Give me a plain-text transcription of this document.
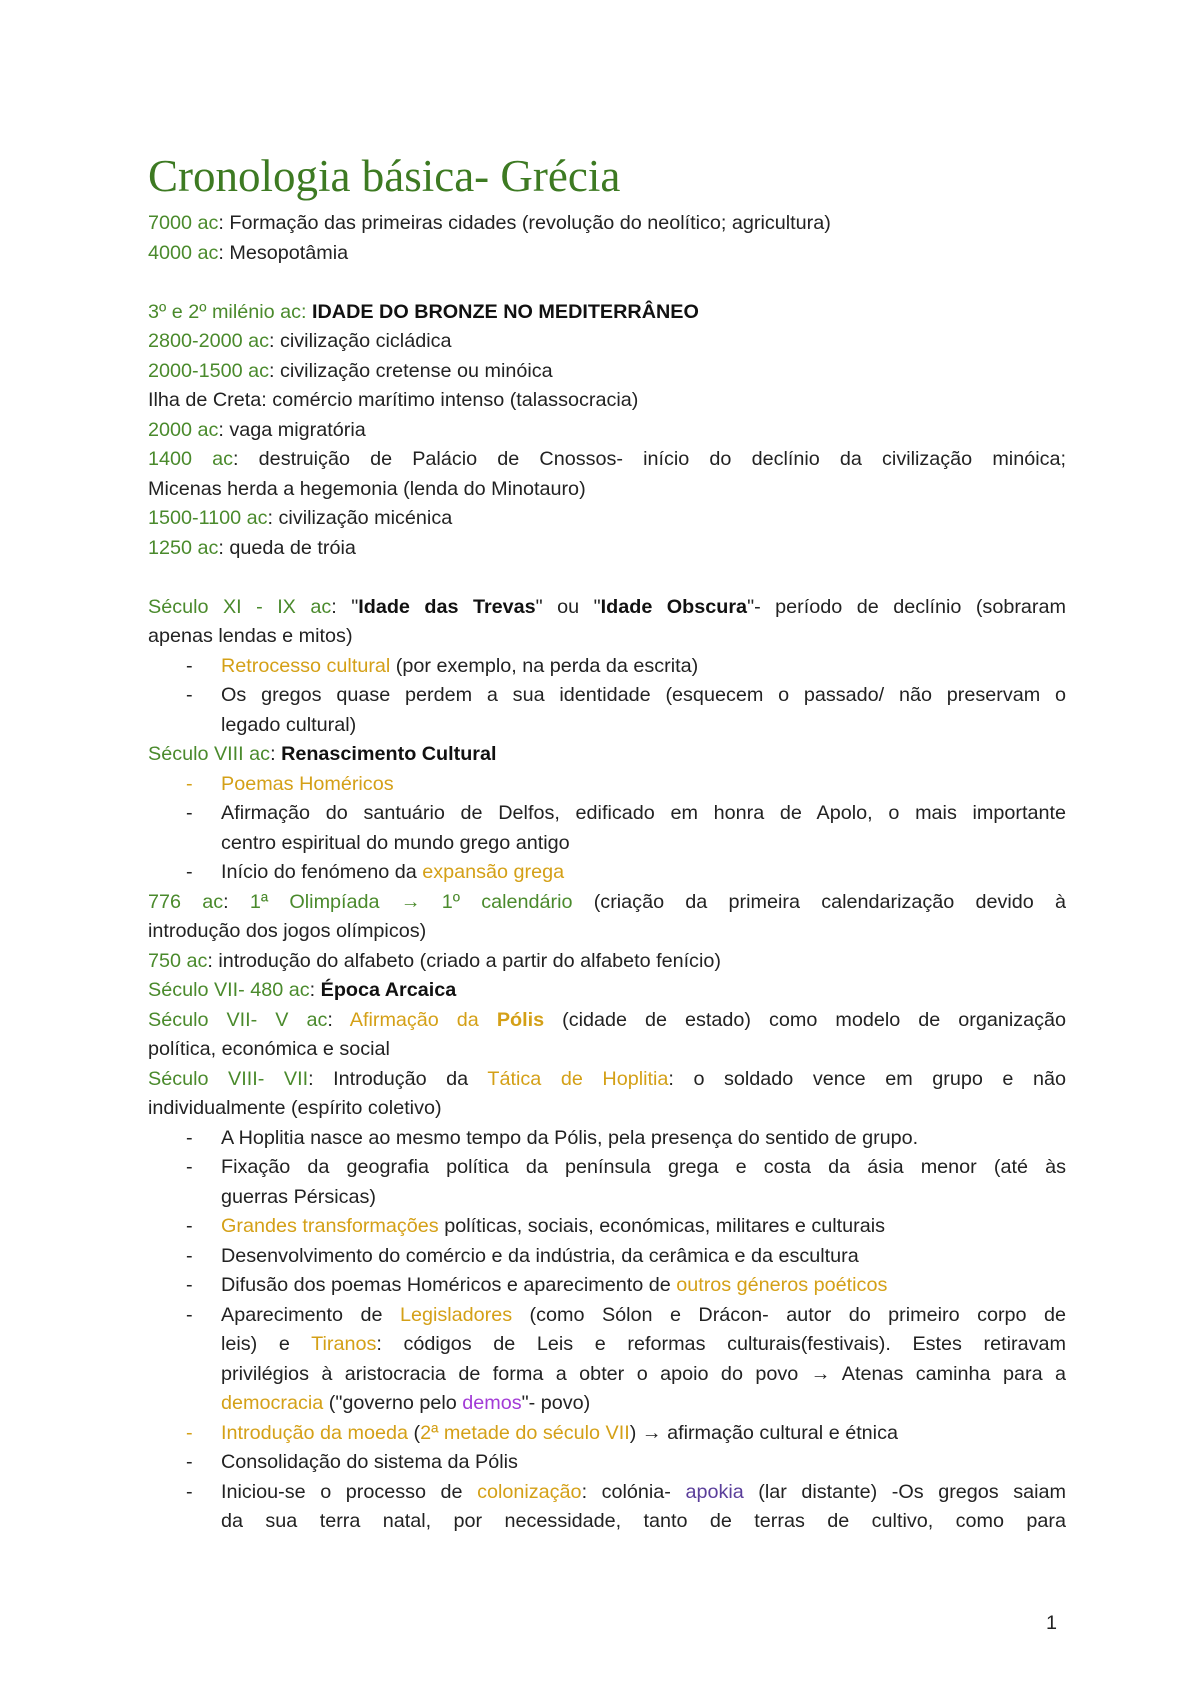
Cronologia básica- Grécia
7000 ac: Formação das primeiras cidades (revolução do neolítico; agricultura)
4000 ac: Mesopotâmia
3º e 2º milénio ac: IDADE DO BRONZE NO MEDITERRÂNEO
2800-2000 ac: civilização cicládica
2000-1500 ac: civilização cretense ou minóica
Ilha de Creta: comércio marítimo intenso (talassocracia)
2000 ac: vaga migratória
1400 ac: destruição de Palácio de Cnossos- início do declínio da civilização minóica;
Micenas herda a hegemonia (lenda do Minotauro)
1500-1100 ac: civilização micénica
1250 ac: queda de tróia
Século XI - IX ac: "Idade das Trevas" ou "Idade Obscura"- período de declínio (sobraram
apenas lendas e mitos)
- Retrocesso cultural (por exemplo, na perda da escrita)
- Os gregos quase perdem a sua identidade (esquecem o passado/ não preservam o
legado cultural)
Século VIII ac: Renascimento Cultural
- Poemas Homéricos
- Afirmação do santuário de Delfos, edificado em honra de Apolo, o mais importante
centro espiritual do mundo grego antigo
- Início do fenómeno da expansão grega
776 ac: 1ª Olimpíada → 1º calendário (criação da primeira calendarização devido à
introdução dos jogos olímpicos)
750 ac: introdução do alfabeto (criado a partir do alfabeto fenício)
Século VII- 480 ac: Época Arcaica
Século VII- V ac: Afirmação da Pólis (cidade de estado) como modelo de organização
política, económica e social
Século VIII- VII: Introdução da Tática de Hoplitia: o soldado vence em grupo e não
individualmente (espírito coletivo)
- A Hoplitia nasce ao mesmo tempo da Pólis, pela presença do sentido de grupo.
- Fixação da geografia política da península grega e costa da ásia menor (até às
guerras Pérsicas)
- Grandes transformações políticas, sociais, económicas, militares e culturais
- Desenvolvimento do comércio e da indústria, da cerâmica e da escultura
- Difusão dos poemas Homéricos e aparecimento de outros géneros poéticos
- Aparecimento de Legisladores (como Sólon e Drácon- autor do primeiro corpo de
leis) e Tiranos: códigos de Leis e reformas culturais(festivais). Estes retiravam
privilégios à aristocracia de forma a obter o apoio do povo → Atenas caminha para a
democracia ("governo pelo demos"- povo)
- Introdução da moeda (2ª metade do século VII) → afirmação cultural e étnica
- Consolidação do sistema da Pólis
- Iniciou-se o processo de colonização: colónia- apokia (lar distante) -Os gregos saiam
da sua terra natal, por necessidade, tanto de terras de cultivo, como para
1
